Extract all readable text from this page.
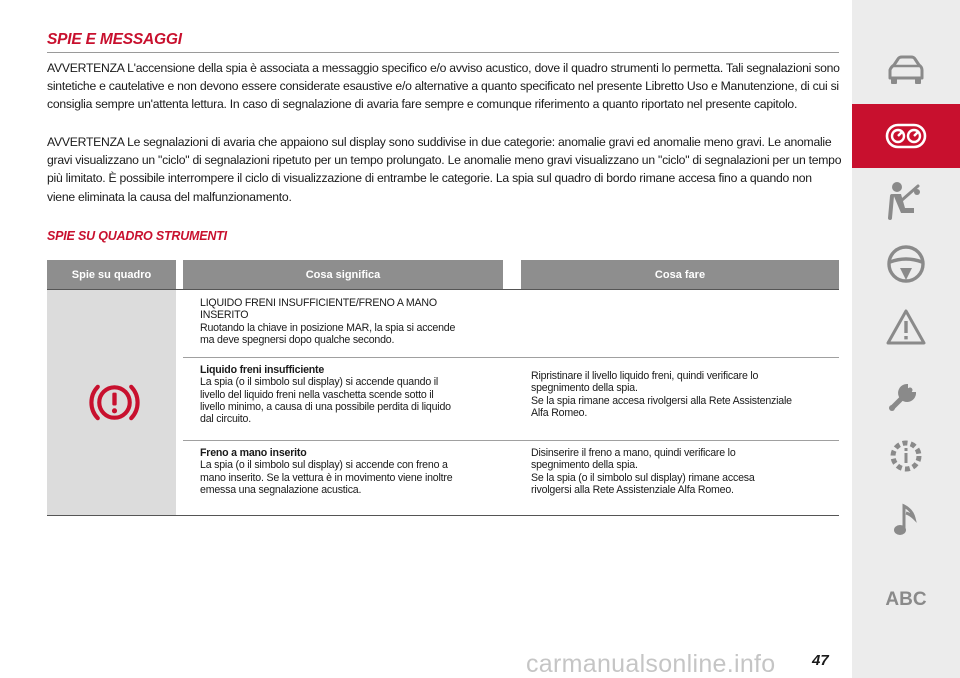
SPIE E MESSAGGI
AVVERTENZA L'accensione della spia è associata a messaggio specifico e/o avviso acustico, dove il quadro strumenti lo permetta. Tali segnalazioni sono sintetiche e cautelative e non devono essere considerate esaustive e/o alternative a quanto specificato nel presente Libretto Uso e Manutenzione, di cui si consiglia sempre un'attenta lettura. In caso di segnalazione di avaria fare sempre e comunque riferimento a quanto riportato nel presente capitolo.
AVVERTENZA Le segnalazioni di avaria che appaiono sul display sono suddivise in due categorie: anomalie gravi ed anomalie meno gravi. Le anomalie gravi visualizzano un "ciclo" di segnalazioni ripetuto per un tempo prolungato. Le anomalie meno gravi visualizzano un "ciclo" di segnalazioni per un tempo più limitato. È possibile interrompere il ciclo di visualizzazione di entrambe le categorie. La spia sul quadro di bordo rimane accesa fino a quando non viene eliminata la causa del malfunzionamento.
SPIE SU QUADRO STRUMENTI
Spie su quadro	Cosa significa	Cosa fare
LIQUIDO FRENI INSUFFICIENTE/FRENO A MANO
INSERITO
Ruotando la chiave in posizione MAR, la spia si accende
ma deve spegnersi dopo qualche secondo.
Liquido freni insufficiente
La spia (o il simbolo sul display) si accende quando il
livello del liquido freni nella vaschetta scende sotto il
livello minimo, a causa di una possibile perdita di liquido
dal circuito.
Ripristinare il livello liquido freni, quindi verificare lo
spegnimento della spia.
Se la spia rimane accesa rivolgersi alla Rete Assistenziale
Alfa Romeo.
Freno a mano inserito
La spia (o il simbolo sul display) si accende con freno a
mano inserito. Se la vettura è in movimento viene inoltre
emessa una segnalazione acustica.
Disinserire il freno a mano, quindi verificare lo
spegnimento della spia.
Se la spia (o il simbolo sul display) rimane accesa
rivolgersi alla Rete Assistenziale Alfa Romeo.
carmanualsonline.info 47
ABC
